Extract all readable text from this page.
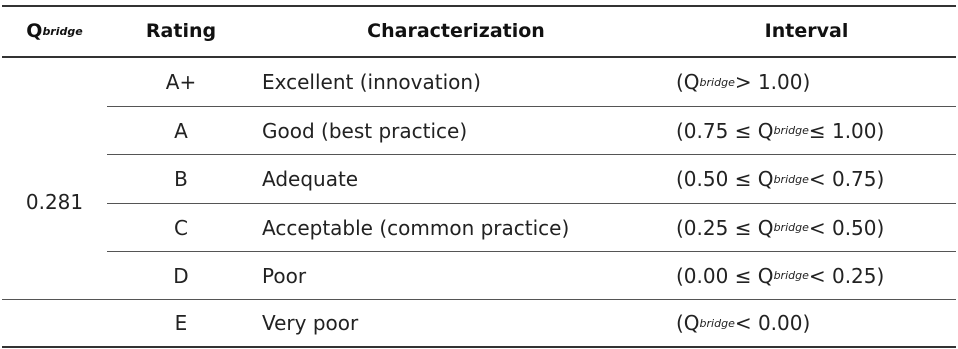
Q bridge	Rating	Characterization	Interval
0.281
A+	Excellent (innovation)	(Q bridge > 1.00)
A	Good (best practice)	(0.75 ≤ Q bridge ≤ 1.00)
B	Adequate	(0.50 ≤ Q bridge < 0.75)
C	Acceptable (common practice)	(0.25 ≤ Q bridge < 0.50)
D	Poor	(0.00 ≤ Q bridge < 0.25)
E	Very poor	(Q bridge < 0.00)
